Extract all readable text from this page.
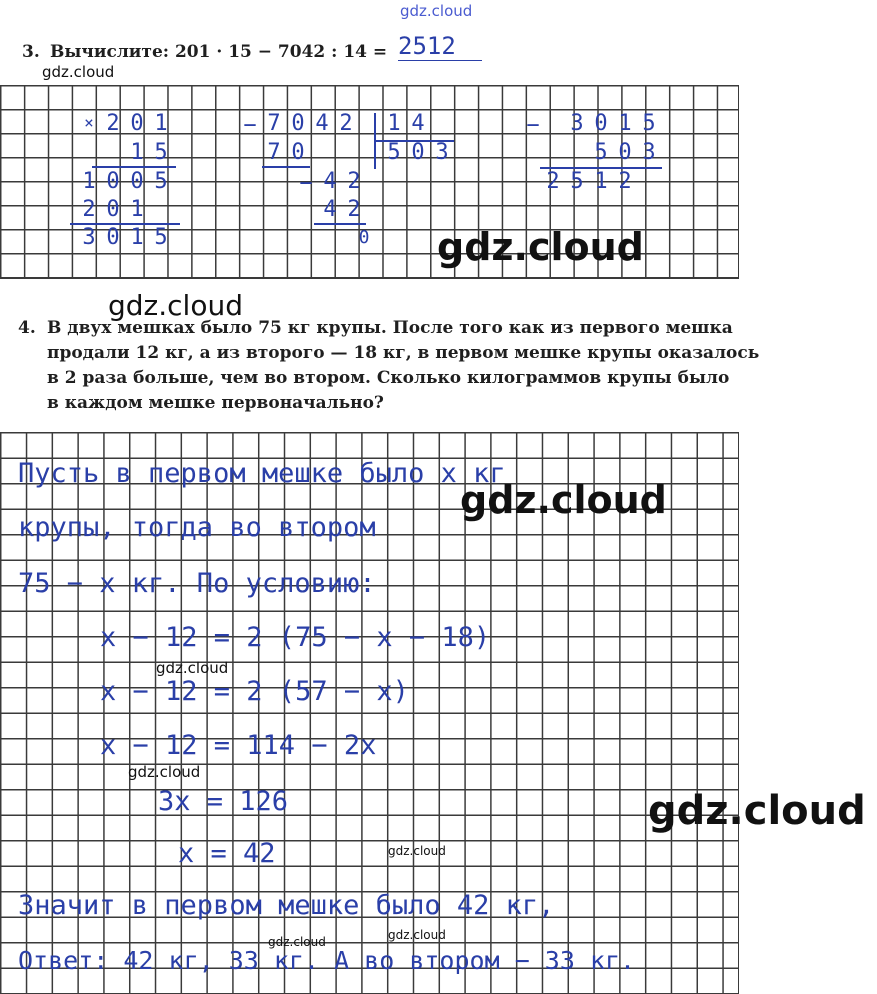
gdz.cloud
3. Вычислите: 201 · 15 − 7042 : 14 = 2512
gdz.cloud
× 2 0 1
1 5
1 0 0 5
2 0 1
3 0 1 5
− 7 0 4 2 1 4
7 0	5 0 3
− 4 2
4 2
0
− 3 0 1 5
5 0 3
2 5 1 2
gdz.cloud
gdz.cloud
4. В двух мешках было 75 кг крупы. После того как из первого мешка
продали 12 кг, а из второго — 18 кг, в первом мешке крупы оказалось
в 2 раза больше, чем во втором. Сколько килограммов крупы было
в каждом мешке первоначально?
Пусть в первом мешке было x кг
крупы, тогда во втором
75 − x кг. По условию:
x − 12 = 2 (75 − x − 18)
x − 12 = 2 (57 − x)
x − 12 = 114 − 2x
3x = 126
x = 42
Значит в первом мешке было 42 кг,
Ответ: 42 кг, 33 кг. А во втором − 33 кг.
gdz.cloud
gdz.cloud
gdz.cloud
gdz.cloud
gdz.cloud
gdz.cloud
gdz.cloud
